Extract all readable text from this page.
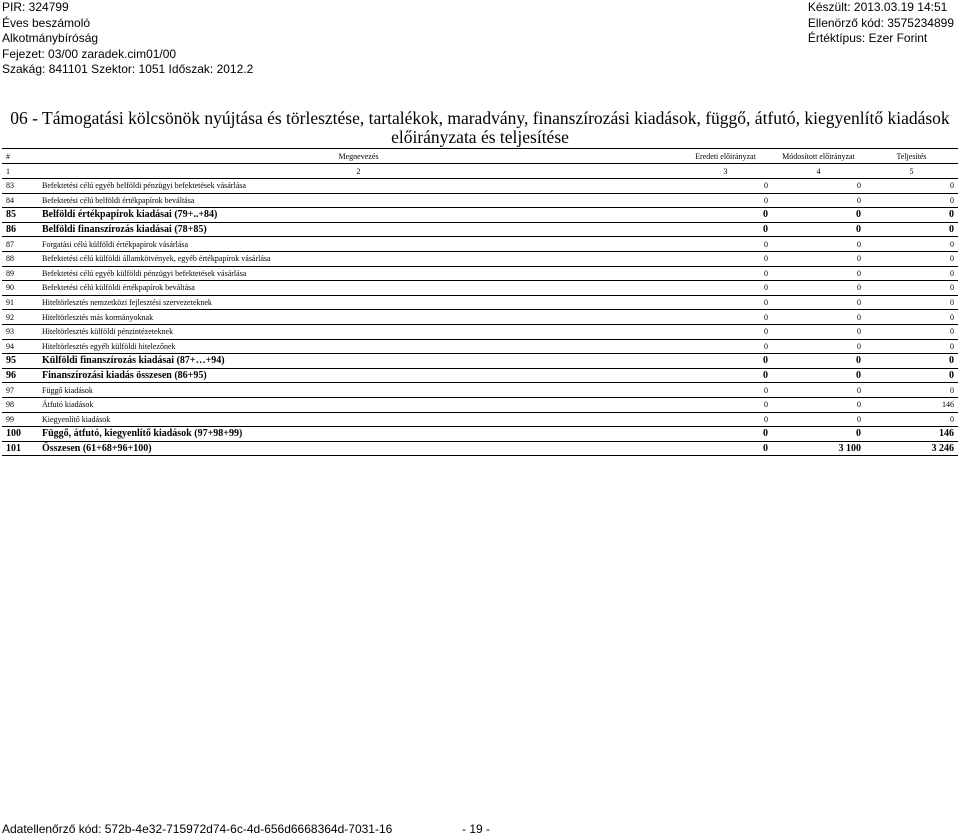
PIR: 324799
Éves beszámoló
Alkotmánybíróság
Fejezet: 03/00 zaradek.cim01/00
Szakág: 841101 Szektor: 1051 Időszak: 2012.2
Készült: 2013.03.19 14:51
Ellenörző kód: 3575234899
Értéktípus: Ezer Forint
06 - Támogatási kölcsönök nyújtása és törlesztése, tartalékok, maradvány, finanszírozási kiadások, függő, átfutó, kiegyenlítő kiadások előirányzata és teljesítése
#	Megnevezés	Eredeti előirányzat	Módosított előirányzat	Teljesítés
1	2	3	4	5
83	Befektetési célú egyéb belföldi pénzügyi befektetések vásárlása	0	0	0
84	Befektetési célú belföldi értékpapírok beváltása	0	0	0
85	Belföldi értékpapírok kiadásai (79+..+84)	0	0	0
86	Belföldi finanszírozás kiadásai (78+85)	0	0	0
87	Forgatási célú külföldi értékpapírok vásárlása	0	0	0
88	Befektetési célú külföldi államkötvények, egyéb értékpapírok vásárlása	0	0	0
89	Befektetési célú egyéb külföldi pénzügyi befektetések vásárlása	0	0	0
90	Befektetési célú külföldi értékpapírok beváltása	0	0	0
91	Hiteltörlesztés nemzetközi fejlesztési szervezeteknek	0	0	0
92	Hiteltörlesztés más kormányoknak	0	0	0
93	Hiteltörlesztés külföldi pénzintézeteknek	0	0	0
94	Hiteltörlesztés egyéb külföldi hitelezőnek	0	0	0
95	Külföldi finanszírozás kiadásai (87+…+94)	0	0	0
96	Finanszírozási kiadás összesen (86+95)	0	0	0
97	Függő kiadások	0	0	0
98	Átfutó kiadások	0	0	146
99	Kiegyenlítő kiadások	0	0	0
100	Függő, átfutó, kiegyenlítő kiadások (97+98+99)	0	0	146
101	Összesen (61+68+96+100)	0	3 100	3 246
Adatellenőrző kód: 572b-4e32-715972d74-6c-4d-656d6668364d-7031-16	- 19 -
